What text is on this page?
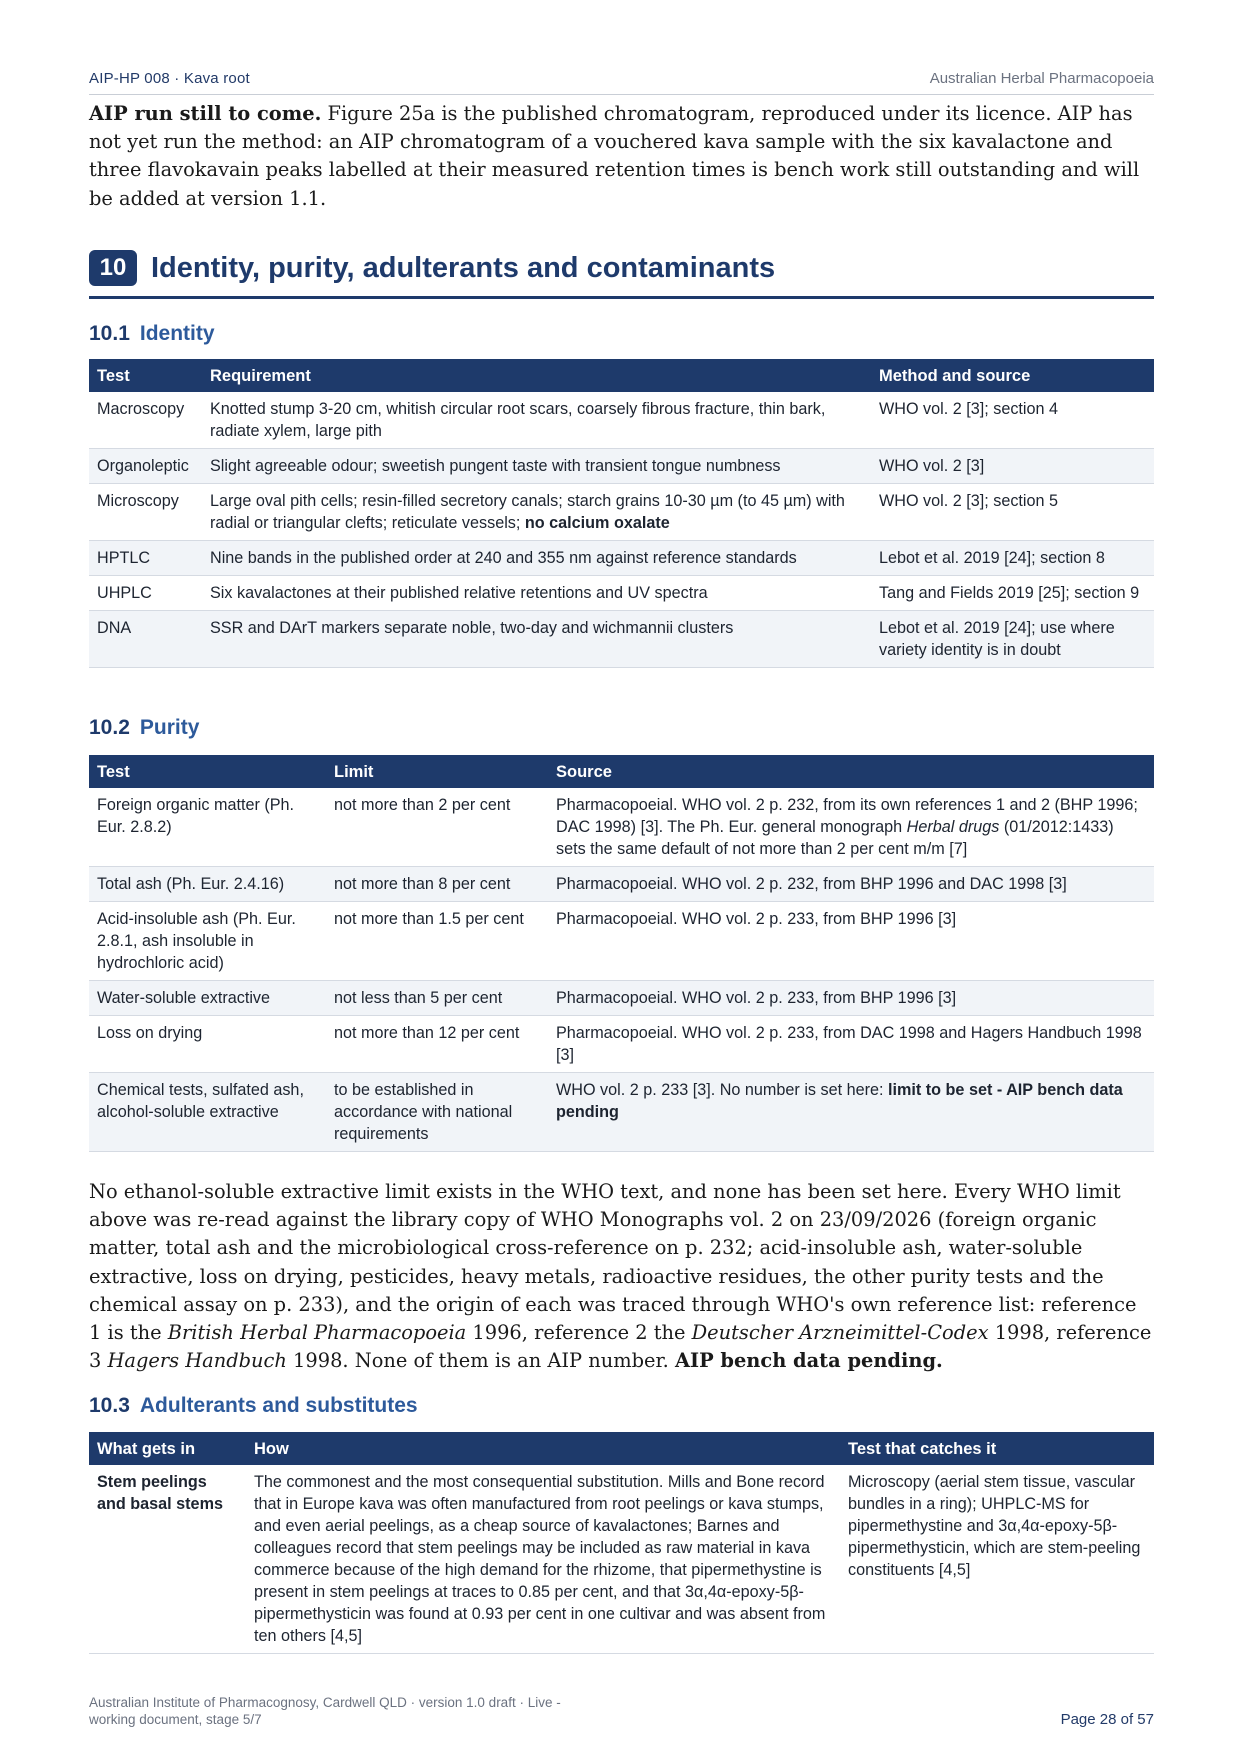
AIP-HP 008 · Kava root	Australian Herbal Pharmacopoeia

AIP run still to come. Figure 25a is the published chromatogram, reproduced under its licence. AIP has not yet run the method: an AIP chromatogram of a vouchered kava sample with the six kavalactone and three flavokavain peaks labelled at their measured retention times is bench work still outstanding and will be added at version 1.1.

10 Identity, purity, adulterants and contaminants
10.1 Identity
Test	Requirement	Method and source
Macroscopy	Knotted stump 3-20 cm, whitish circular root scars, coarsely fibrous fracture, thin bark, radiate xylem, large pith	WHO vol. 2 [3]; section 4
Organoleptic	Slight agreeable odour; sweetish pungent taste with transient tongue numbness	WHO vol. 2 [3]
Microscopy	Large oval pith cells; resin-filled secretory canals; starch grains 10-30 µm (to 45 µm) with radial or triangular clefts; reticulate vessels; no calcium oxalate	WHO vol. 2 [3]; section 5
HPTLC	Nine bands in the published order at 240 and 355 nm against reference standards	Lebot et al. 2019 [24]; section 8
UHPLC	Six kavalactones at their published relative retentions and UV spectra	Tang and Fields 2019 [25]; section 9
DNA	SSR and DArT markers separate noble, two-day and wichmannii clusters	Lebot et al. 2019 [24]; use where variety identity is in doubt
10.2 Purity
Test	Limit	Source
Foreign organic matter (Ph. Eur. 2.8.2)	not more than 2 per cent	Pharmacopoeial. WHO vol. 2 p. 232, from its own references 1 and 2 (BHP 1996; DAC 1998) [3]. The Ph. Eur. general monograph Herbal drugs (01/2012:1433) sets the same default of not more than 2 per cent m/m [7]
Total ash (Ph. Eur. 2.4.16)	not more than 8 per cent	Pharmacopoeial. WHO vol. 2 p. 232, from BHP 1996 and DAC 1998 [3]
Acid-insoluble ash (Ph. Eur. 2.8.1, ash insoluble in hydrochloric acid)	not more than 1.5 per cent	Pharmacopoeial. WHO vol. 2 p. 233, from BHP 1996 [3]
Water-soluble extractive	not less than 5 per cent	Pharmacopoeial. WHO vol. 2 p. 233, from BHP 1996 [3]
Loss on drying	not more than 12 per cent	Pharmacopoeial. WHO vol. 2 p. 233, from DAC 1998 and Hagers Handbuch 1998 [3]
Chemical tests, sulfated ash, alcohol-soluble extractive	to be established in accordance with national requirements	WHO vol. 2 p. 233 [3]. No number is set here: limit to be set - AIP bench data pending

No ethanol-soluble extractive limit exists in the WHO text, and none has been set here. Every WHO limit above was re-read against the library copy of WHO Monographs vol. 2 on 23/09/2026 (foreign organic matter, total ash and the microbiological cross-reference on p. 232; acid-insoluble ash, water-soluble extractive, loss on drying, pesticides, heavy metals, radioactive residues, the other purity tests and the chemical assay on p. 233), and the origin of each was traced through WHO's own reference list: reference 1 is the British Herbal Pharmacopoeia 1996, reference 2 the Deutscher Arzneimittel-Codex 1998, reference 3 Hagers Handbuch 1998. None of them is an AIP number. AIP bench data pending.

10.3 Adulterants and substitutes
What gets in	How	Test that catches it
Stem peelings and basal stems	The commonest and the most consequential substitution. Mills and Bone record that in Europe kava was often manufactured from root peelings or kava stumps, and even aerial peelings, as a cheap source of kavalactones; Barnes and colleagues record that stem peelings may be included as raw material in kava commerce because of the high demand for the rhizome, that pipermethystine is present in stem peelings at traces to 0.85 per cent, and that 3α,4α-epoxy-5β-pipermethysticin was found at 0.93 per cent in one cultivar and was absent from ten others [4,5]	Microscopy (aerial stem tissue, vascular bundles in a ring); UHPLC-MS for pipermethystine and 3α,4α-epoxy-5β-pipermethysticin, which are stem-peeling constituents [4,5]
Australian Institute of Pharmacognosy, Cardwell QLD · version 1.0 draft · Live - working document, stage 5/7	Page 28 of 57
